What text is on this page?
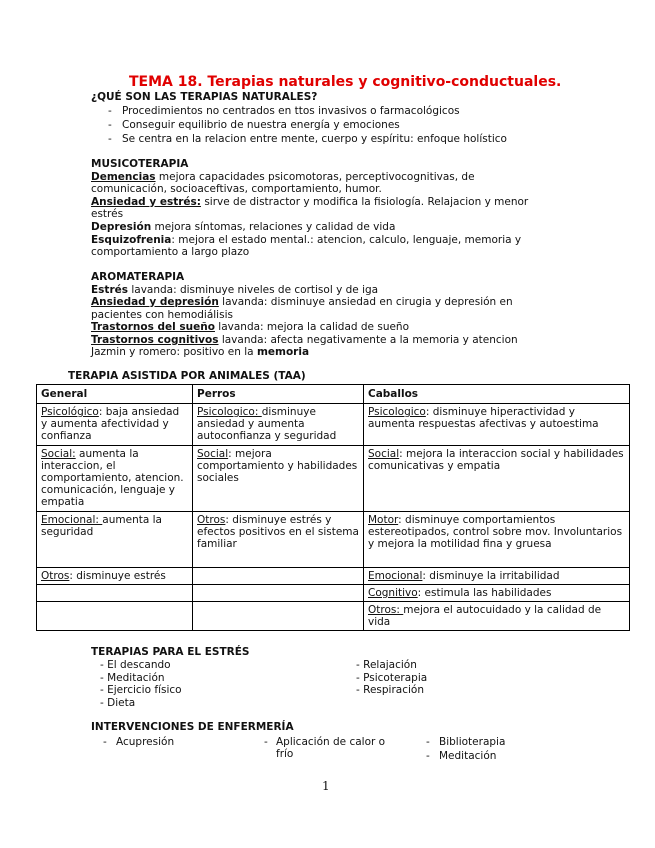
TEMA 18. Terapias naturales y cognitivo-conductuales.
¿QUÉ SON LAS TERAPIAS NATURALES?
- Procedimientos no centrados en ttos invasivos o farmacológicos
- Conseguir equilibrio de nuestra energía y emociones
- Se centra en la relacion entre mente, cuerpo y espíritu: enfoque holístico
MUSICOTERAPIA
Demencias mejora capacidades psicomotoras, perceptivocognitivas, de
comunicación, socioaceftivas, comportamiento, humor.
Ansiedad y estrés: sirve de distractor y modifica la fisiología. Relajacion y menor
estrés
Depresión mejora síntomas, relaciones y calidad de vida
Esquizofrenia: mejora el estado mental.: atencion, calculo, lenguaje, memoria y
comportamiento a largo plazo
AROMATERAPIA
Estrés lavanda: disminuye niveles de cortisol y de iga
Ansiedad y depresión lavanda: disminuye ansiedad en cirugia y depresión en
pacientes con hemodiálisis
Trastornos del sueño lavanda: mejora la calidad de sueño
Trastornos cognitivos lavanda: afecta negativamente a la memoria y atencion
Jazmin y romero: positivo en la memoria
TERAPIA ASISTIDA POR ANIMALES (TAA)
General	Perros	Caballos
Psicológico: baja ansiedad y aumenta afectividad y confianza	Psicologico: disminuye ansiedad y aumenta autoconfianza y seguridad	Psicologico: disminuye hiperactividad y aumenta respuestas afectivas y autoestima
Social: aumenta la interaccion, el comportamiento, atencion. comunicación, lenguaje y empatia	Social: mejora comportamiento y habilidades sociales	Social: mejora la interaccion social y habilidades comunicativas y empatia
Emocional: aumenta la seguridad	Otros: disminuye estrés y efectos positivos en el sistema familiar	Motor: disminuye comportamientos estereotipados, control sobre mov. Involuntarios y mejora la motilidad fina y gruesa
Otros: disminuye estrés		Emocional: disminuye la irritabilidad
		Cognitivo: estimula las habilidades
		Otros: mejora el autocuidado y la calidad de vida
TERAPIAS PARA EL ESTRÉS
- El descando
- Meditación
- Ejercicio físico
- Dieta
- Relajación
- Psicoterapia
- Respiración
INTERVENCIONES DE ENFERMERÍA
- Acupresión	- Aplicación de calor o
frío
- Biblioterapia
- Meditación
1
